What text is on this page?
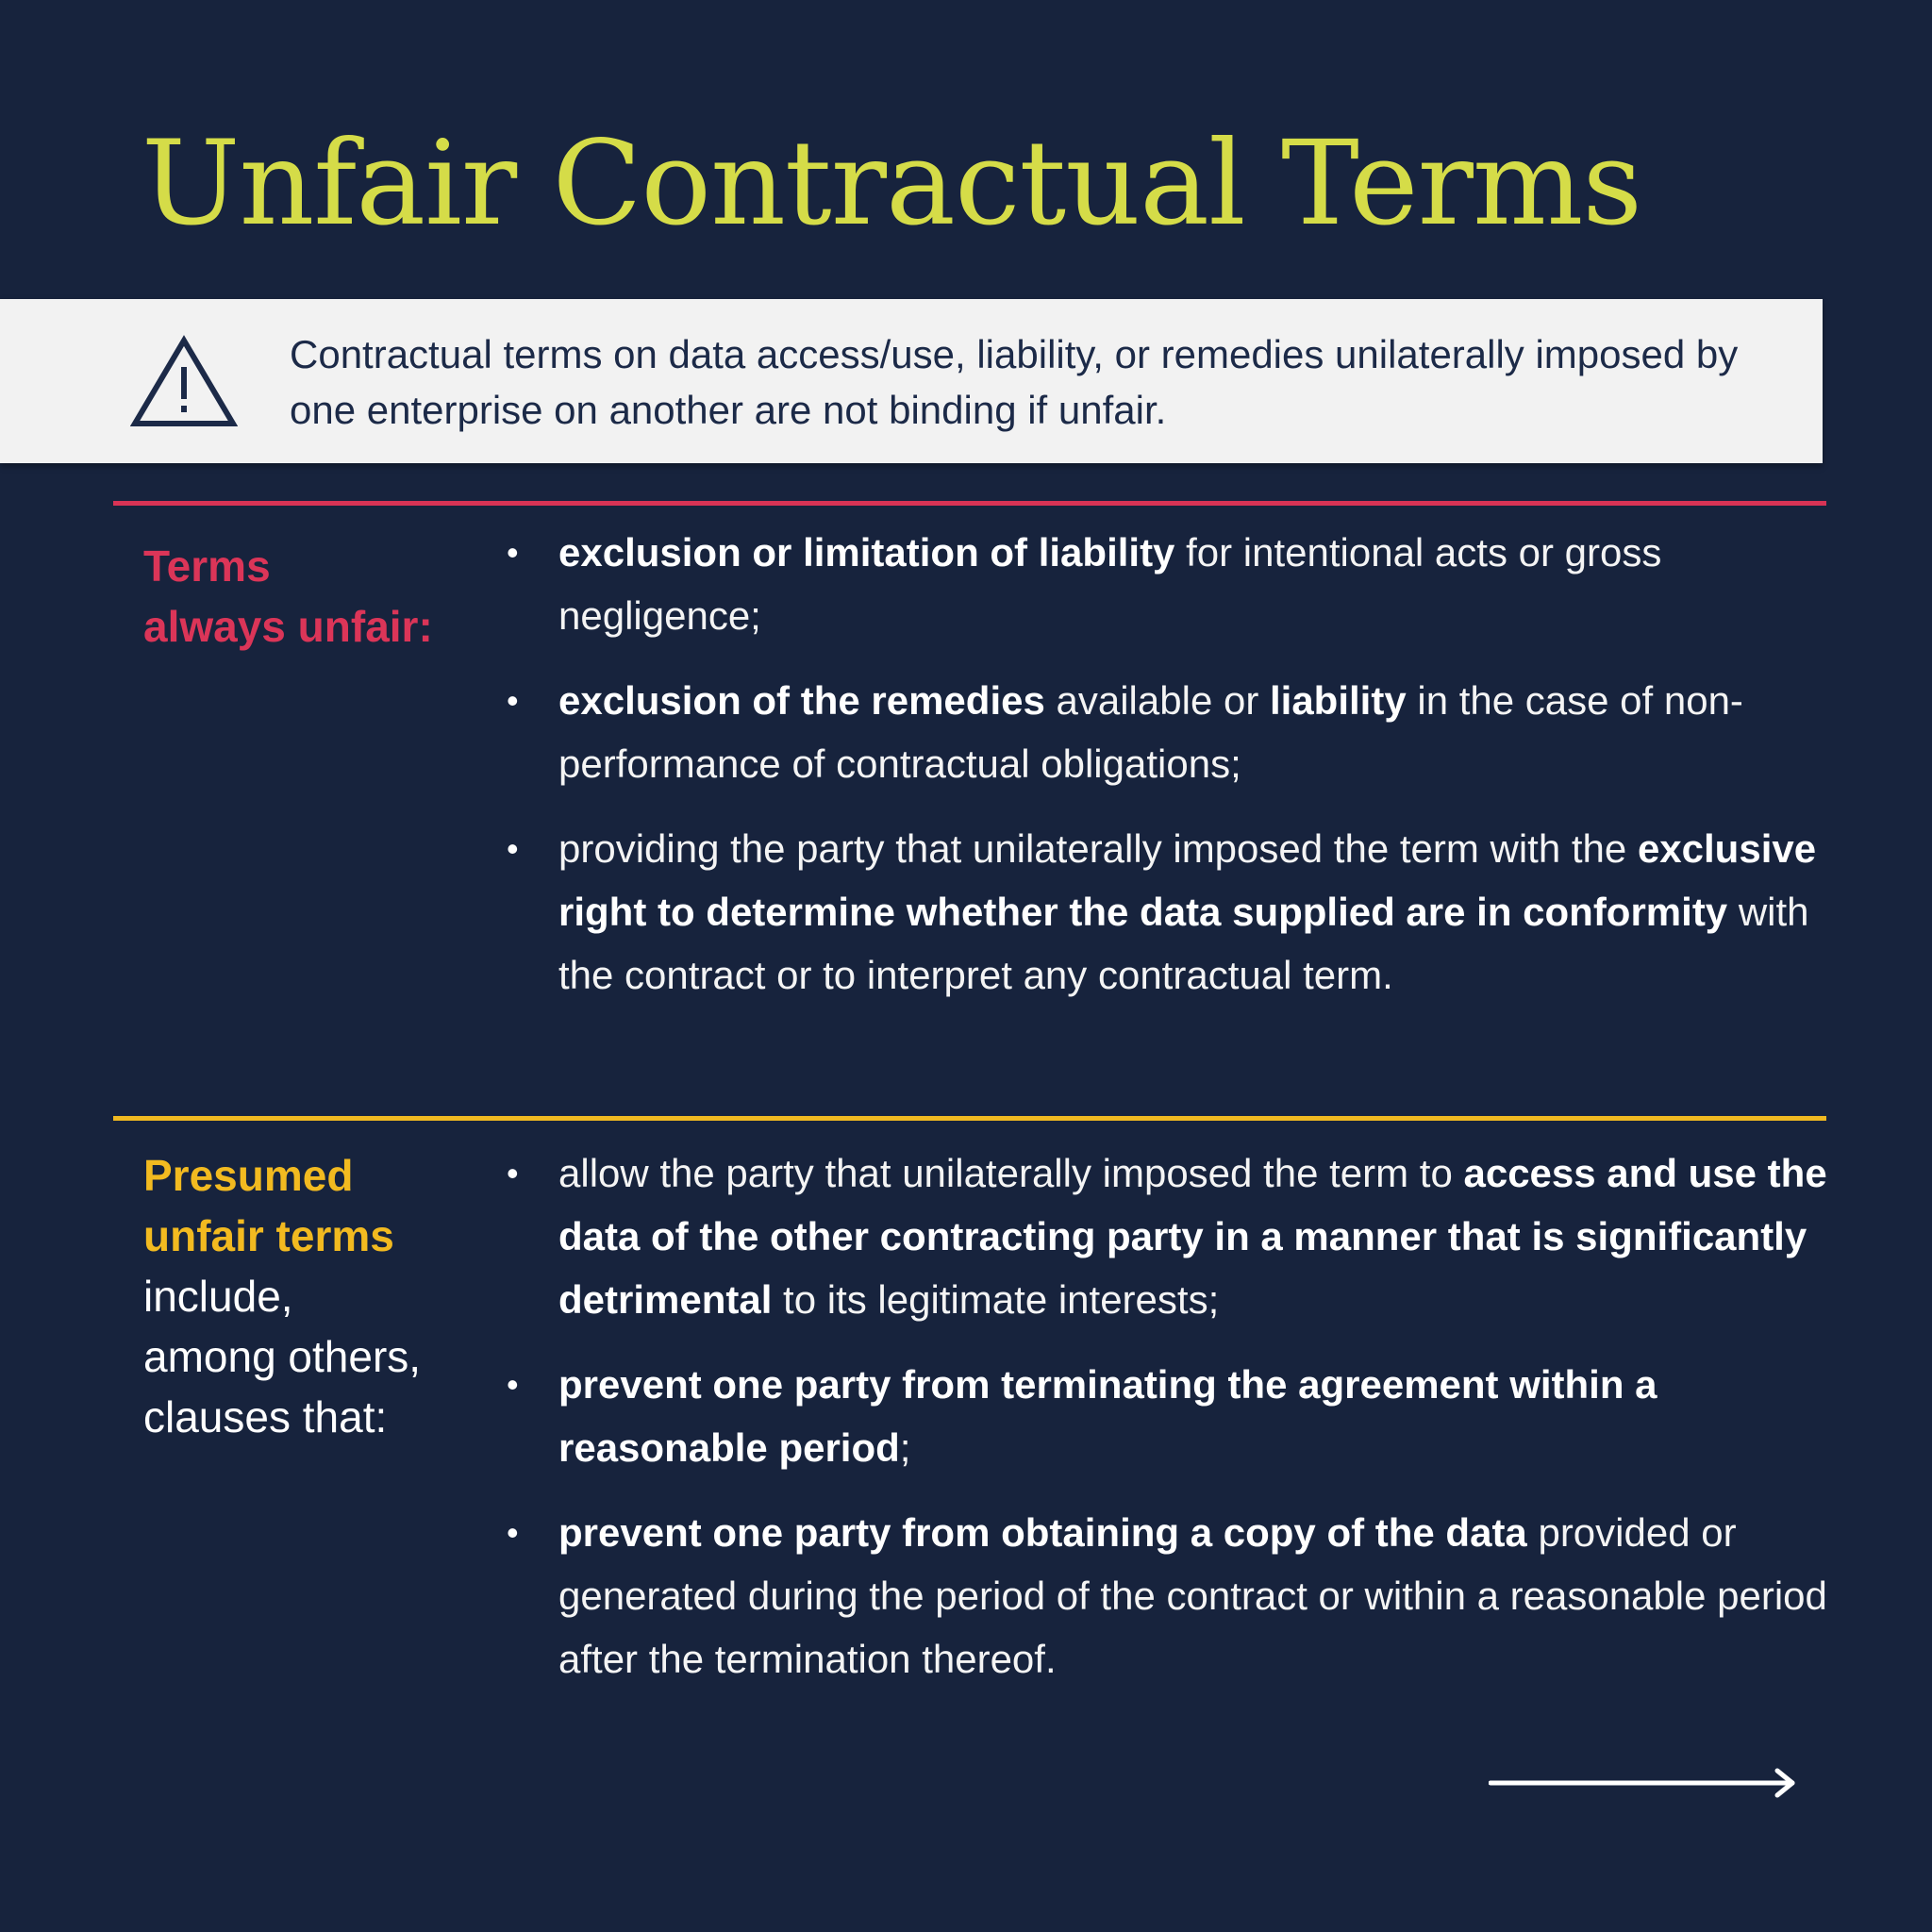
Unfair Contractual Terms

Contractual terms on data access/use, liability, or remedies unilaterally imposed by one enterprise on another are not binding if unfair.

Terms
always unfair:

• exclusion or limitation of liability for intentional acts or gross negligence;
• exclusion of the remedies available or liability in the case of non-performance of contractual obligations;
• providing the party that unilaterally imposed the term with the exclusive right to determine whether the data supplied are in conformity with the contract or to interpret any contractual term.

Presumed
unfair terms
include,
among others,
clauses that:

• allow the party that unilaterally imposed the term to access and use the data of the other contracting party in a manner that is significantly detrimental to its legitimate interests;
• prevent one party from terminating the agreement within a reasonable period;
• prevent one party from obtaining a copy of the data provided or generated during the period of the contract or within a reasonable period after the termination thereof.
